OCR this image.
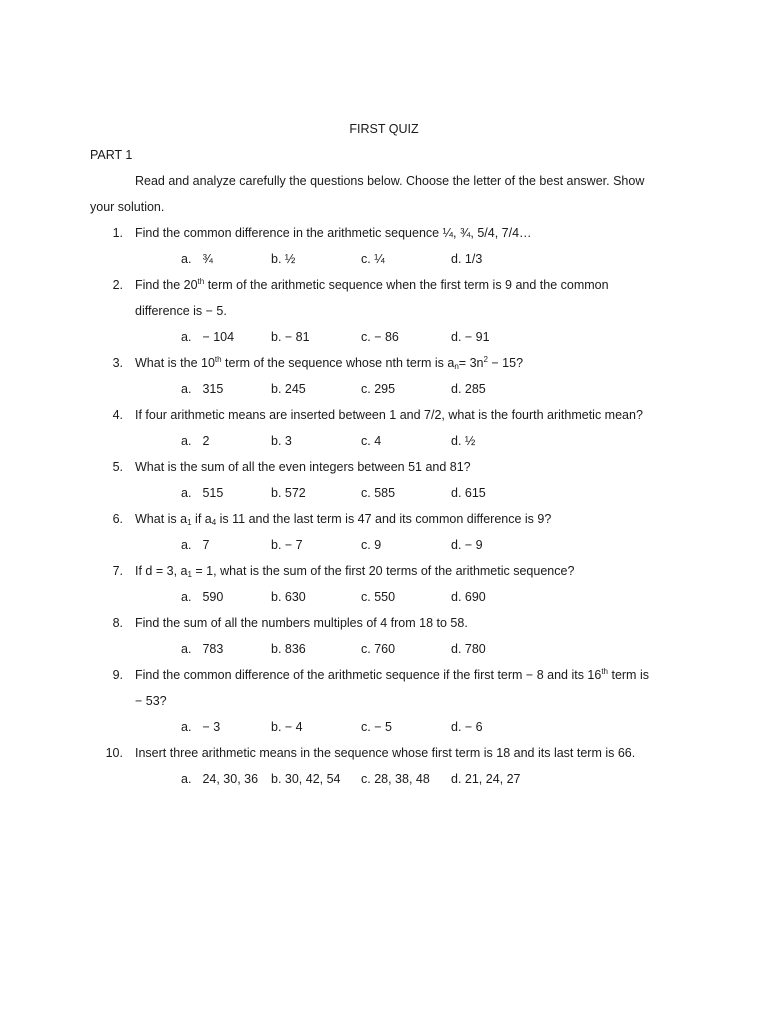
FIRST QUIZ
PART 1
Read and analyze carefully the questions below. Choose the letter of the best answer. Show
your solution.
1. Find the common difference in the arithmetic sequence ¼, ¾, 5/4, 7/4…
a. ¾	b. ½	c. ¼	d. 1/3
2. Find the 20th term of the arithmetic sequence when the first term is 9 and the common
difference is − 5.
a. − 104	b. − 81	c. − 86	d. − 91
3. What is the 10th term of the sequence whose nth term is $a_n= 3n^2 - 15$?
a. 315	b. 245	c. 295	d. 285
4. If four arithmetic means are inserted between 1 and 7/2, what is the fourth arithmetic mean?
a. 2	b. 3	c. 4	d. ½
5. What is the sum of all the even integers between 51 and 81?
a. 515	b. 572	c. 585	d. 615
6. What is $a_1$ if $a_4$ is 11 and the last term is 47 and its common difference is 9?
a. 7	b. − 7	c. 9	d. − 9
7. If d = 3, $a_1 = 1$, what is the sum of the first 20 terms of the arithmetic sequence?
a. 590	b. 630	c. 550	d. 690
8. Find the sum of all the numbers multiples of 4 from 18 to 58.
a. 783	b. 836	c. 760	d. 780
9. Find the common difference of the arithmetic sequence if the first term − 8 and its 16th term is
− 53?
a. − 3	b. − 4	c. − 5	d. − 6
10. Insert three arithmetic means in the sequence whose first term is 18 and its last term is 66.
a. 24, 30, 36 b. 30, 42, 54 c. 28, 38, 48 d. 21, 24, 27
